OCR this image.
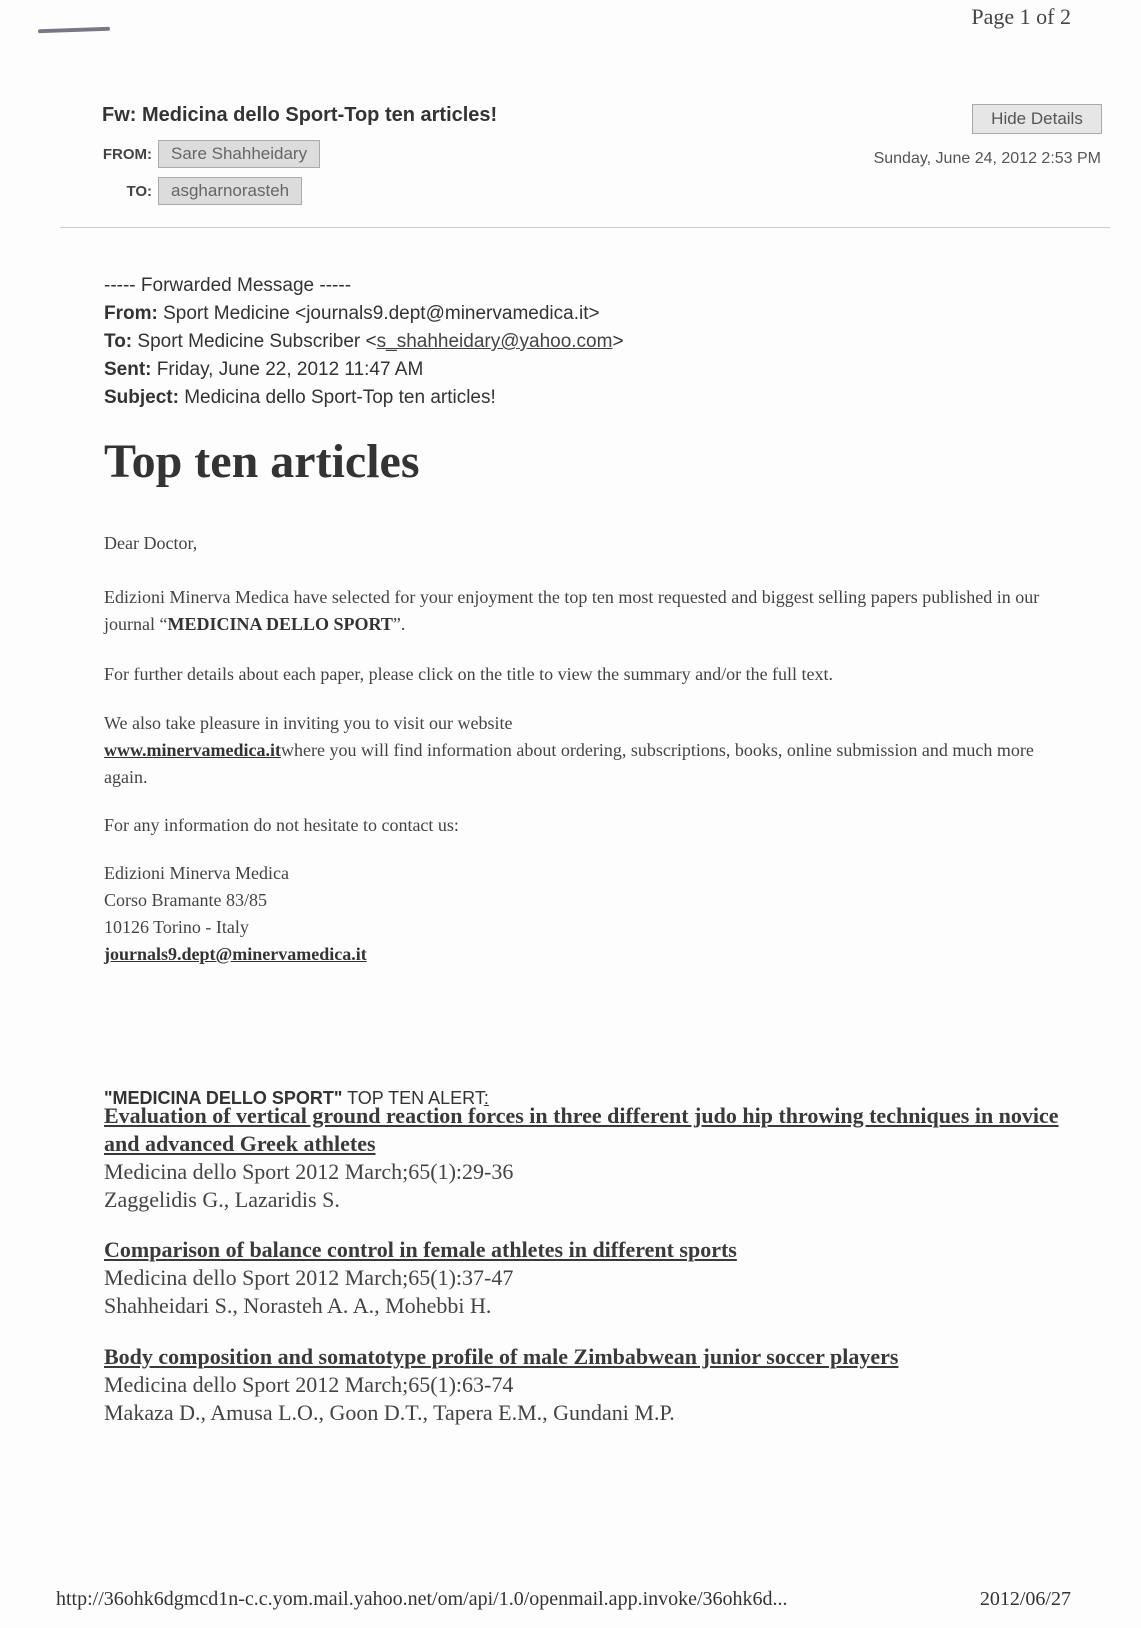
Page 1 of 2
Fw: Medicina dello Sport-Top ten articles!	Hide Details
FROM:	Sare Shahheidary
TO:	asgharnorasteh
Sunday, June 24, 2012 2:53 PM
----- Forwarded Message -----
From: Sport Medicine <journals9.dept@minervamedica.it>
To: Sport Medicine Subscriber <s_shahheidary@yahoo.com>
Sent: Friday, June 22, 2012 11:47 AM
Subject: Medicina dello Sport-Top ten articles!
Top ten articles
Dear Doctor,
Edizioni Minerva Medica have selected for your enjoyment the top ten most requested and biggest selling papers published in our journal “MEDICINA DELLO SPORT”.
For further details about each paper, please click on the title to view the summary and/or the full text.
We also take pleasure in inviting you to visit our website
www.minervamedica.itwhere you will find information about ordering, subscriptions, books, online submission and much more again.
For any information do not hesitate to contact us:
Edizioni Minerva Medica
Corso Bramante 83/85
10126 Torino - Italy
journals9.dept@minervamedica.it
"MEDICINA DELLO SPORT" TOP TEN ALERT:
Evaluation of vertical ground reaction forces in three different judo hip throwing techniques in novice and advanced Greek athletes
Medicina dello Sport 2012 March;65(1):29-36
Zaggelidis G., Lazaridis S.
Comparison of balance control in female athletes in different sports
Medicina dello Sport 2012 March;65(1):37-47
Shahheidari S., Norasteh A. A., Mohebbi H.
Body composition and somatotype profile of male Zimbabwean junior soccer players
Medicina dello Sport 2012 March;65(1):63-74
Makaza D., Amusa L.O., Goon D.T., Tapera E.M., Gundani M.P.
http://36ohk6dgmcd1n-c.c.yom.mail.yahoo.net/om/api/1.0/openmail.app.invoke/36ohk6d...	2012/06/27
